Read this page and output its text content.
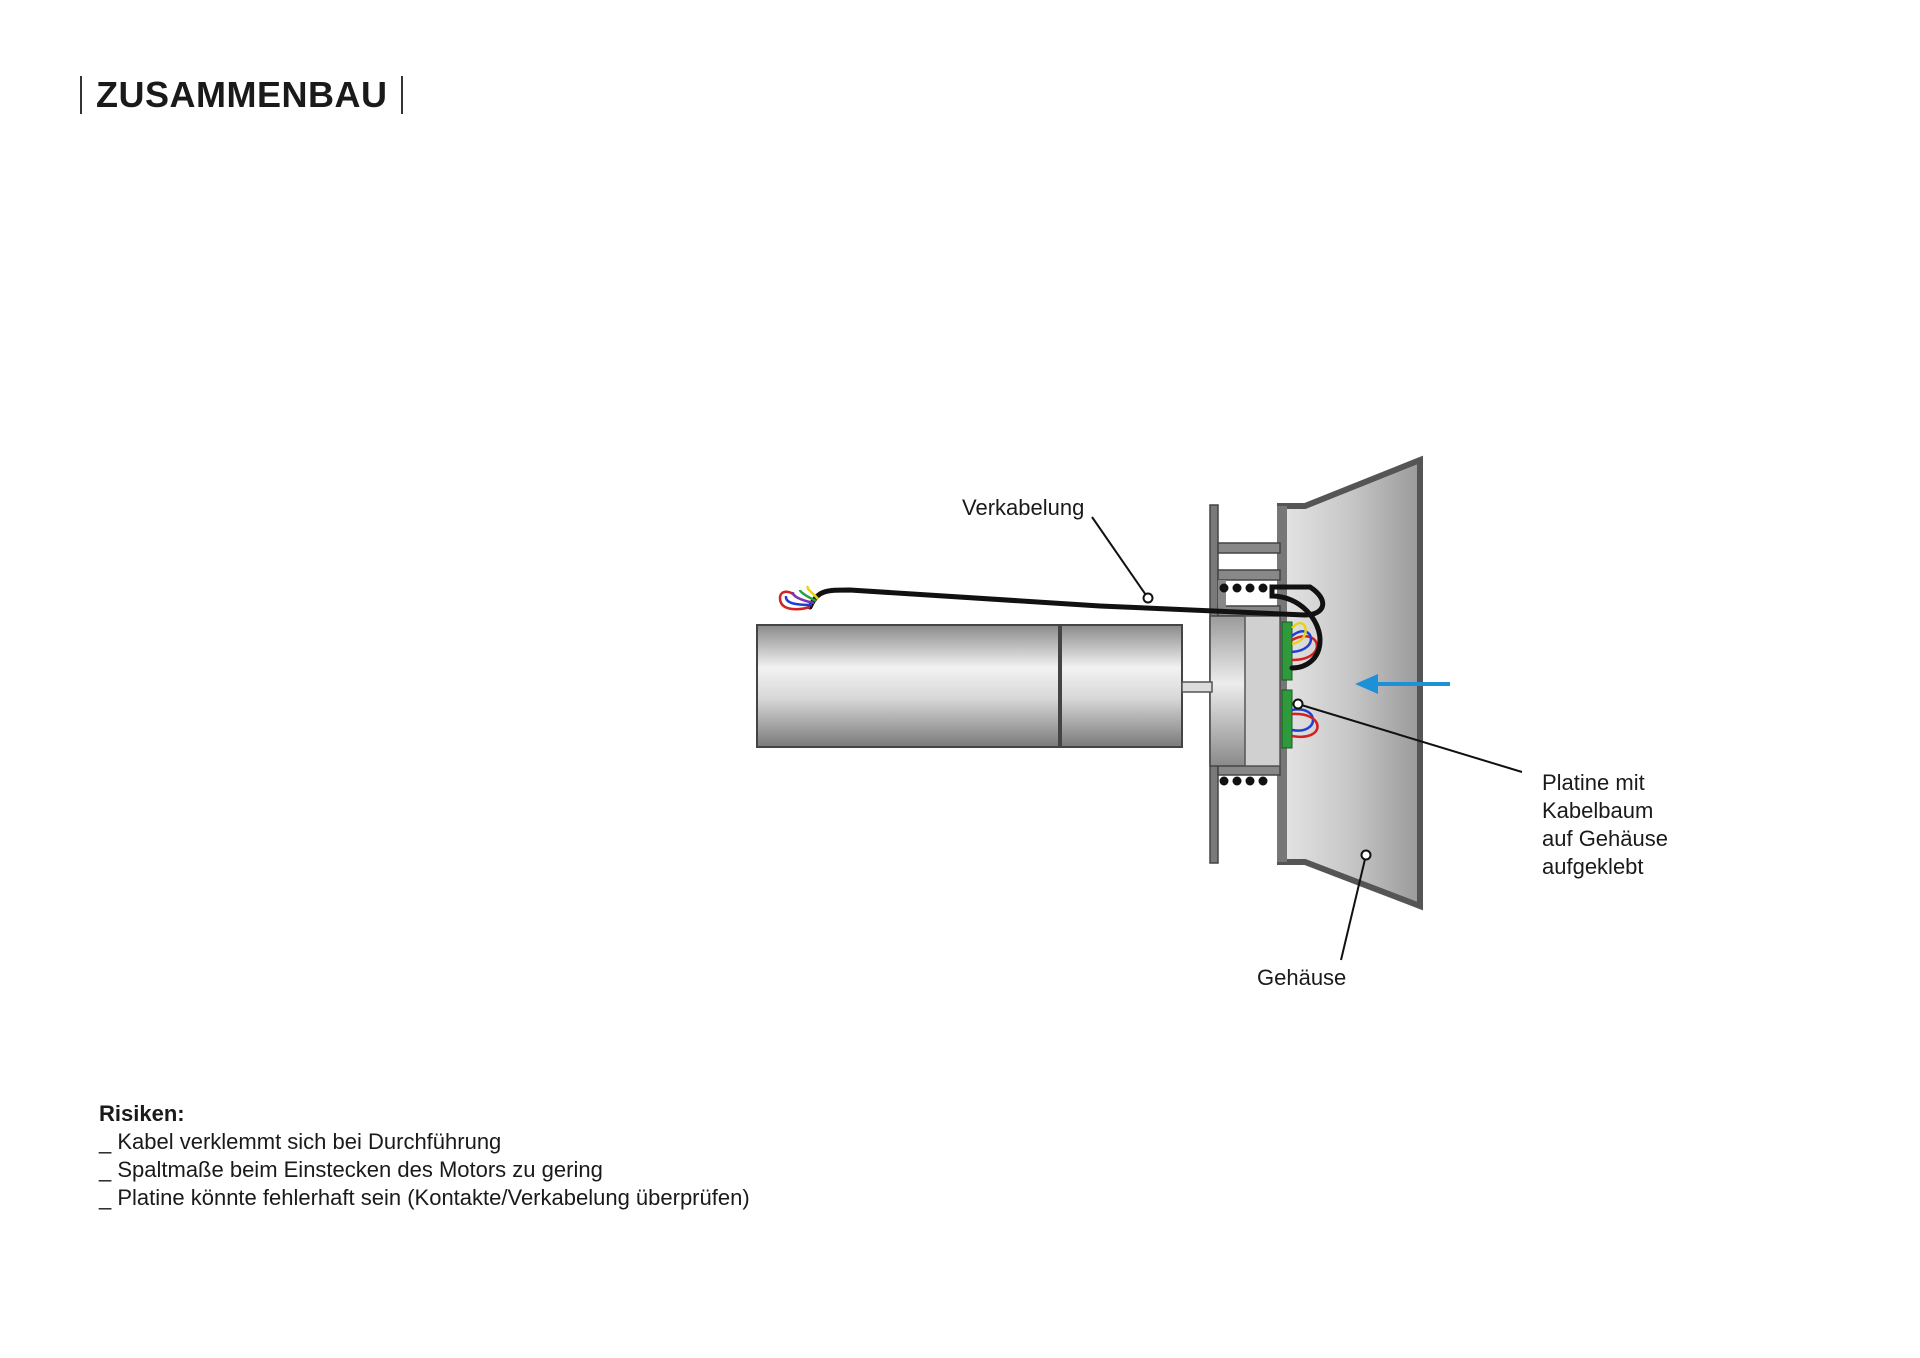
ZUSAMMENBAU
Verkabelung
Platine mit
Kabelbaum
auf Gehäuse
aufgeklebt
Gehäuse
Risiken:
_ Kabel verklemmt sich bei Durchführung
_ Spaltmaße beim Einstecken des Motors zu gering
_ Platine könnte fehlerhaft sein (Kontakte/Verkabelung überprüfen)
